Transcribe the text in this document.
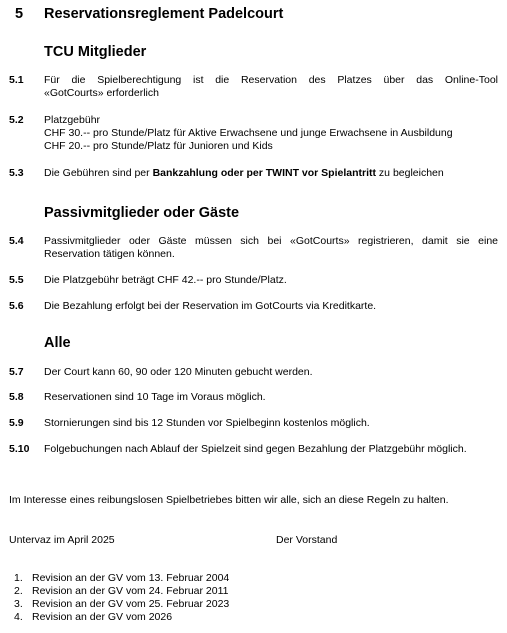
5 Reservationsreglement Padelcourt
TCU Mitglieder
5.1 Für die Spielberechtigung ist die Reservation des Platzes über das Online-Tool
«GotCourts» erforderlich
5.2 Platzgebühr
CHF 30.-- pro Stunde/Platz für Aktive Erwachsene und junge Erwachsene in Ausbildung
CHF 20.-- pro Stunde/Platz für Junioren und Kids
5.3 Die Gebühren sind per Bankzahlung oder per TWINT vor Spielantritt zu begleichen
Passivmitglieder oder Gäste
5.4 Passivmitglieder oder Gäste müssen sich bei «GotCourts» registrieren, damit sie eine
Reservation tätigen können.
5.5 Die Platzgebühr beträgt CHF 42.-- pro Stunde/Platz.
5.6 Die Bezahlung erfolgt bei der Reservation im GotCourts via Kreditkarte.
Alle
5.7 Der Court kann 60, 90 oder 120 Minuten gebucht werden.
5.8 Reservationen sind 10 Tage im Voraus möglich.
5.9 Stornierungen sind bis 12 Stunden vor Spielbeginn kostenlos möglich.
5.10 Folgebuchungen nach Ablauf der Spielzeit sind gegen Bezahlung der Platzgebühr möglich.
Im Interesse eines reibungslosen Spielbetriebes bitten wir alle, sich an diese Regeln zu halten.
Untervaz im April 2025	Der Vorstand
1. Revision an der GV vom 13. Februar 2004
2. Revision an der GV vom 24. Februar 2011
3. Revision an der GV vom 25. Februar 2023
4. Revision an der GV vom 2026
